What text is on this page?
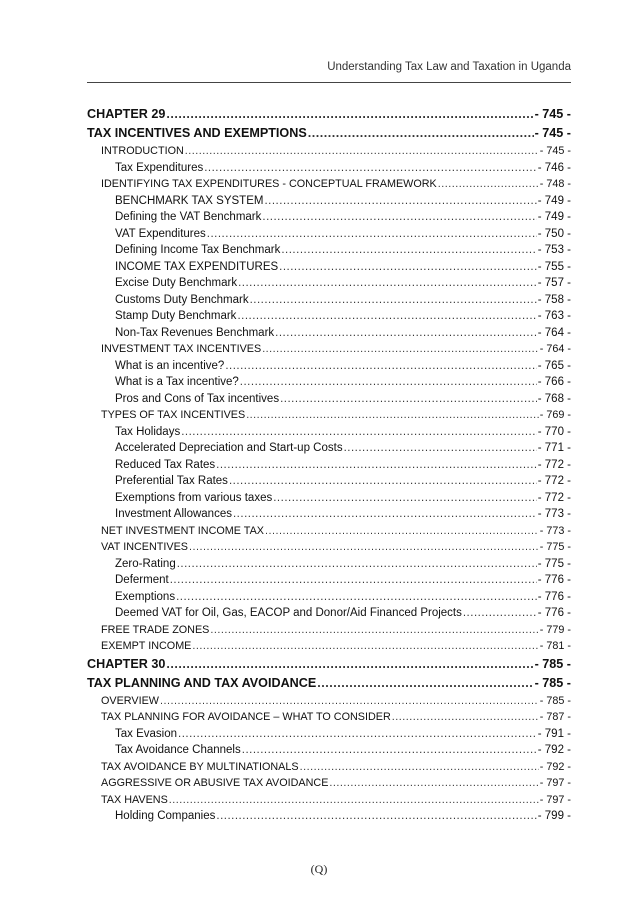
Understanding Tax Law and Taxation in Uganda
CHAPTER 29 .....	- 745 -
TAX INCENTIVES AND EXEMPTIONS .....	- 745 -
INTRODUCTION .....	- 745 -
Tax Expenditures .....	- 746 -
IDENTIFYING TAX EXPENDITURES - CONCEPTUAL FRAMEWORK .....	- 748 -
BENCHMARK TAX SYSTEM .....	- 749 -
Defining the VAT Benchmark .....	- 749 -
VAT Expenditures .....	- 750 -
Defining Income Tax Benchmark .....	- 753 -
INCOME TAX EXPENDITURES .....	- 755 -
Excise Duty Benchmark .....	- 757 -
Customs Duty Benchmark .....	- 758 -
Stamp Duty Benchmark .....	- 763 -
Non-Tax Revenues Benchmark .....	- 764 -
INVESTMENT TAX INCENTIVES .....	- 764 -
What is an incentive? .....	- 765 -
What is a Tax incentive? .....	- 766 -
Pros and Cons of Tax incentives .....	- 768 -
TYPES OF TAX INCENTIVES .....	- 769 -
Tax Holidays .....	- 770 -
Accelerated Depreciation and Start-up Costs .....	- 771 -
Reduced Tax Rates .....	- 772 -
Preferential Tax Rates .....	- 772 -
Exemptions from various taxes .....	- 772 -
Investment Allowances .....	- 773 -
NET INVESTMENT INCOME TAX .....	- 773 -
VAT INCENTIVES .....	- 775 -
Zero-Rating .....	- 775 -
Deferment .....	- 776 -
Exemptions .....	- 776 -
Deemed VAT for Oil, Gas, EACOP and Donor/Aid Financed Projects .....	- 776 -
FREE TRADE ZONES .....	- 779 -
EXEMPT INCOME .....	- 781 -
CHAPTER 30 .....	- 785 -
TAX PLANNING AND TAX AVOIDANCE .....	- 785 -
OVERVIEW .....	- 785 -
TAX PLANNING FOR AVOIDANCE – WHAT TO CONSIDER .....	- 787 -
Tax Evasion .....	- 791 -
Tax Avoidance Channels .....	- 792 -
TAX AVOIDANCE BY MULTINATIONALS .....	- 792 -
AGGRESSIVE OR ABUSIVE TAX AVOIDANCE .....	- 797 -
TAX HAVENS .....	- 797 -
Holding Companies .....	- 799 -
(Q)
